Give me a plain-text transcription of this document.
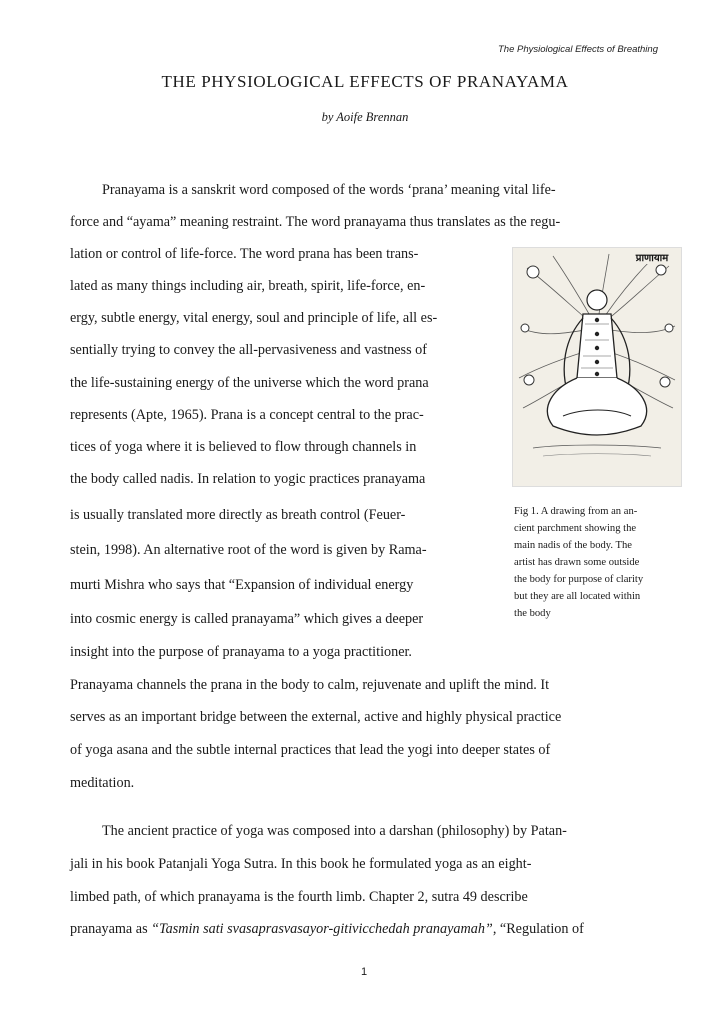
The Physiological Effects of Breathing
THE PHYSIOLOGICAL EFFECTS OF PRANAYAMA
by Aoife Brennan
Pranayama is a sanskrit word composed of the words ‘prana’ meaning vital life-
force and “ayama” meaning restraint. The word pranayama thus translates as the regu-
lation or control of life-force. The word prana has been trans-
lated as many things including air, breath, spirit, life-force, en-
ergy, subtle energy, vital energy, soul and principle of life, all es-
sentially trying to convey the all-pervasiveness and vastness of
the life-sustaining energy of the universe which the word prana
represents (Apte, 1965). Prana is a concept central to the prac-
tices of yoga where it is believed to flow through channels in
the body called nadis. In relation to yogic practices pranayama
is usually translated more directly as breath control (Feuer-
stein, 1998). An alternative root of the word is given by Rama-
murti Mishra who says that “Expansion of individual energy
into cosmic energy is called pranayama” which gives a deeper
insight into the purpose of pranayama to a yoga practitioner.
Pranayama channels the prana in the body to calm, rejuvenate and uplift the mind. It
serves as an important bridge between the external, active and highly physical practice
of yoga asana and the subtle internal practices that lead the yogi into deeper states of
meditation.
The ancient practice of yoga was composed into a darshan (philosophy) by Patan-
jali in his book Patanjali Yoga Sutra. In this book he formulated yoga as an eight-
limbed path, of which pranayama is the fourth limb. Chapter 2, sutra 49 describe
pranayama as “Tasmin sati svasaprasvasayor-gitivicchedah pranayamah”, “Regulation of
प्राणायाम
Fig 1. A drawing from an an-
cient parchment showing the
main nadis of the body. The
artist has drawn some outside
the body for purpose of clarity
but they are all located within
the body
1
